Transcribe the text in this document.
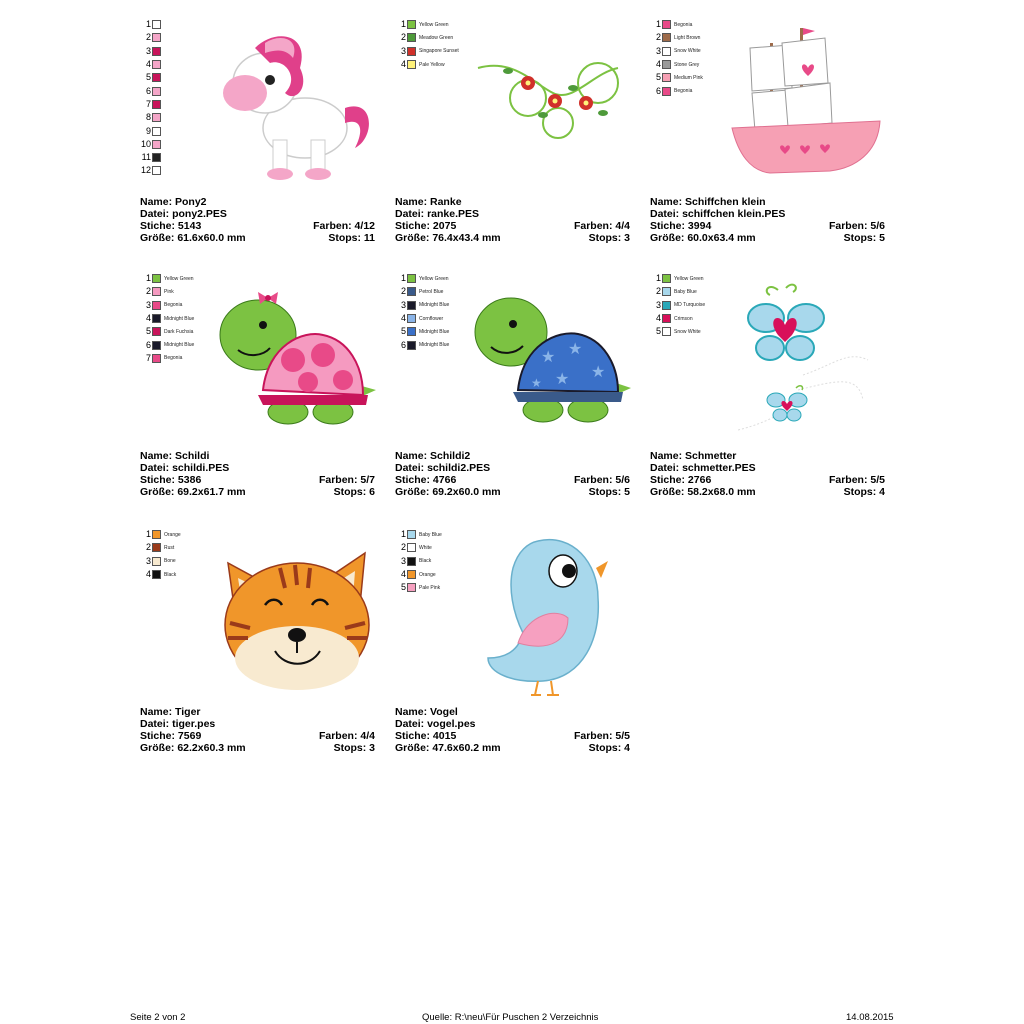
1
2
3
4
5
6
7
8
9
10
11
12
Name: Pony2
Datei: pony2.PES
Stiche: 5143	Farben: 4/12
Größe: 61.6x60.0 mm	Stops: 11
1	Yellow Green
2	Meadow Green
3	Singapore Sunset
4	Pale Yellow
Name: Ranke
Datei: ranke.PES
Stiche: 2075	Farben: 4/4
Größe: 76.4x43.4 mm	Stops: 3
1	Begonia
2	Light Brown
3	Snow White
4	Stone Grey
5	Medium Pink
6	Begonia
Name: Schiffchen klein
Datei: schiffchen klein.PES
Stiche: 3994	Farben: 5/6
Größe: 60.0x63.4 mm	Stops: 5
1	Yellow Green
2	Pink
3	Begonia
4	Midnight Blue
5	Dark Fuchsia
6	Midnight Blue
7	Begonia
Name: Schildi
Datei: schildi.PES
Stiche: 5386	Farben: 5/7
Größe: 69.2x61.7 mm	Stops: 6
1	Yellow Green
2	Petrol Blue
3	Midnight Blue
4	Cornflower
5	Midnight Blue
6	Midnight Blue
★ ★
★
★
★
Name: Schildi2
Datei: schildi2.PES
Stiche: 4766	Farben: 5/6
Größe: 69.2x60.0 mm	Stops: 5
1	Yellow Green
2	Baby Blue
3	MD Turquoise
4	Crimson
5	Snow White
Name: Schmetter
Datei: schmetter.PES
Stiche: 2766	Farben: 5/5
Größe: 58.2x68.0 mm	Stops: 4
1	Orange
2	Rust
3	Bone
4	Black
Name: Tiger
Datei: tiger.pes
Stiche: 7569	Farben: 4/4
Größe: 62.2x60.3 mm	Stops: 3
1	Baby Blue
2	White
3	Black
4	Orange
5	Pale Pink
Name: Vogel
Datei: vogel.pes
Stiche: 4015	Farben: 5/5
Größe: 47.6x60.2 mm	Stops: 4
Seite 2 von 2	Quelle: R:\neu\Für Puschen 2 Verzeichnis	14.08.2015
